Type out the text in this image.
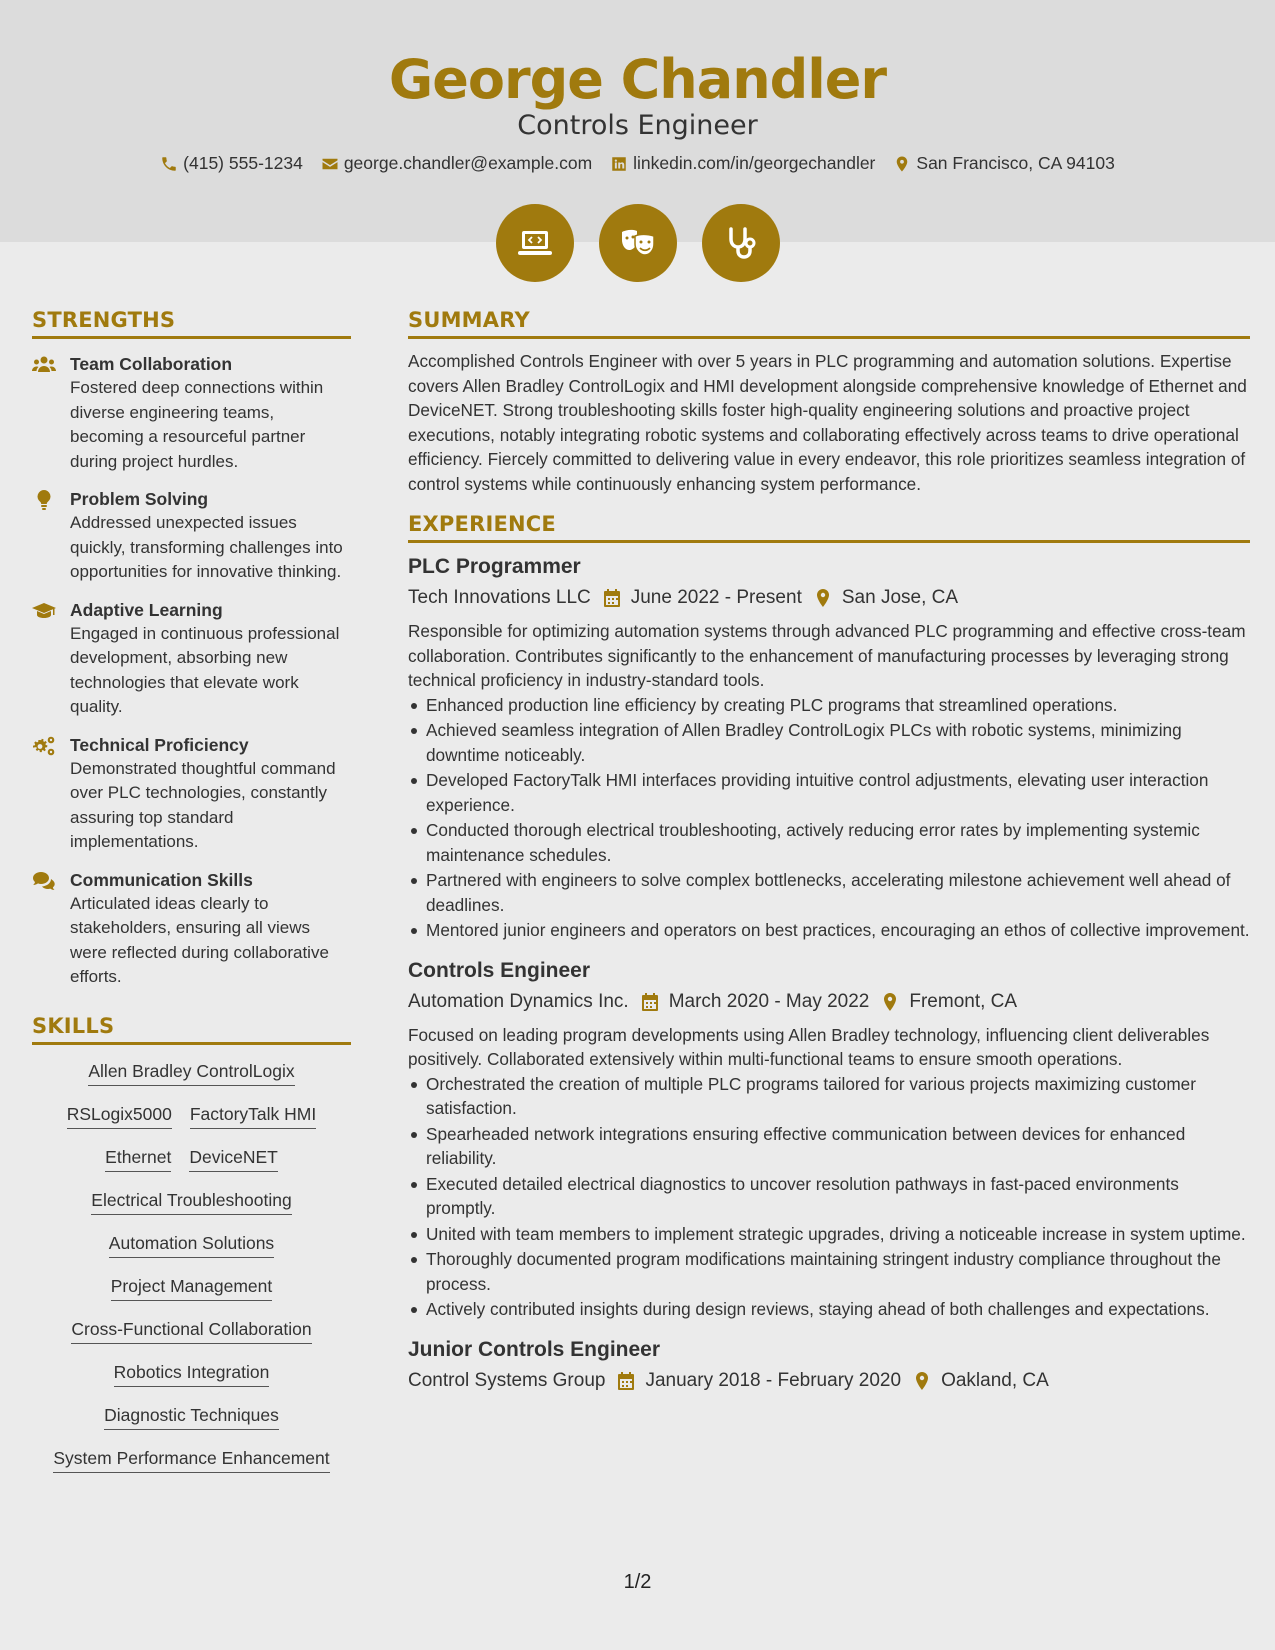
George Chandler
Controls Engineer
(415) 555-1234 george.chandler@example.com linkedin.com/in/georgechandler San Francisco, CA 94103
STRENGTHS
Team Collaboration
Fostered deep connections within diverse engineering teams, becoming a resourceful partner during project hurdles.
Problem Solving
Addressed unexpected issues quickly, transforming challenges into opportunities for innovative thinking.
Adaptive Learning
Engaged in continuous professional development, absorbing new technologies that elevate work quality.
Technical Proficiency
Demonstrated thoughtful command over PLC technologies, constantly assuring top standard implementations.
Communication Skills
Articulated ideas clearly to stakeholders, ensuring all views were reflected during collaborative efforts.
SKILLS
Allen Bradley ControlLogix
RSLogix5000 FactoryTalk HMI
Ethernet DeviceNET
Electrical Troubleshooting
Automation Solutions
Project Management
Cross-Functional Collaboration
Robotics Integration
Diagnostic Techniques
System Performance Enhancement
SUMMARY
Accomplished Controls Engineer with over 5 years in PLC programming and automation solutions. Expertise covers Allen Bradley ControlLogix and HMI development alongside comprehensive knowledge of Ethernet and DeviceNET. Strong troubleshooting skills foster high-quality engineering solutions and proactive project executions, notably integrating robotic systems and collaborating effectively across teams to drive operational efficiency. Fiercely committed to delivering value in every endeavor, this role prioritizes seamless integration of control systems while continuously enhancing system performance.
EXPERIENCE
PLC Programmer
Tech Innovations LLC June 2022 - Present San Jose, CA
Responsible for optimizing automation systems through advanced PLC programming and effective cross-team collaboration. Contributes significantly to the enhancement of manufacturing processes by leveraging strong technical proficiency in industry-standard tools.
Enhanced production line efficiency by creating PLC programs that streamlined operations.
Achieved seamless integration of Allen Bradley ControlLogix PLCs with robotic systems, minimizing downtime noticeably.
Developed FactoryTalk HMI interfaces providing intuitive control adjustments, elevating user interaction experience.
Conducted thorough electrical troubleshooting, actively reducing error rates by implementing systemic maintenance schedules.
Partnered with engineers to solve complex bottlenecks, accelerating milestone achievement well ahead of deadlines.
Mentored junior engineers and operators on best practices, encouraging an ethos of collective improvement.
Controls Engineer
Automation Dynamics Inc. March 2020 - May 2022 Fremont, CA
Focused on leading program developments using Allen Bradley technology, influencing client deliverables positively. Collaborated extensively within multi-functional teams to ensure smooth operations.
Orchestrated the creation of multiple PLC programs tailored for various projects maximizing customer satisfaction.
Spearheaded network integrations ensuring effective communication between devices for enhanced reliability.
Executed detailed electrical diagnostics to uncover resolution pathways in fast-paced environments promptly.
United with team members to implement strategic upgrades, driving a noticeable increase in system uptime.
Thoroughly documented program modifications maintaining stringent industry compliance throughout the process.
Actively contributed insights during design reviews, staying ahead of both challenges and expectations.
Junior Controls Engineer
Control Systems Group January 2018 - February 2020 Oakland, CA
1/2
